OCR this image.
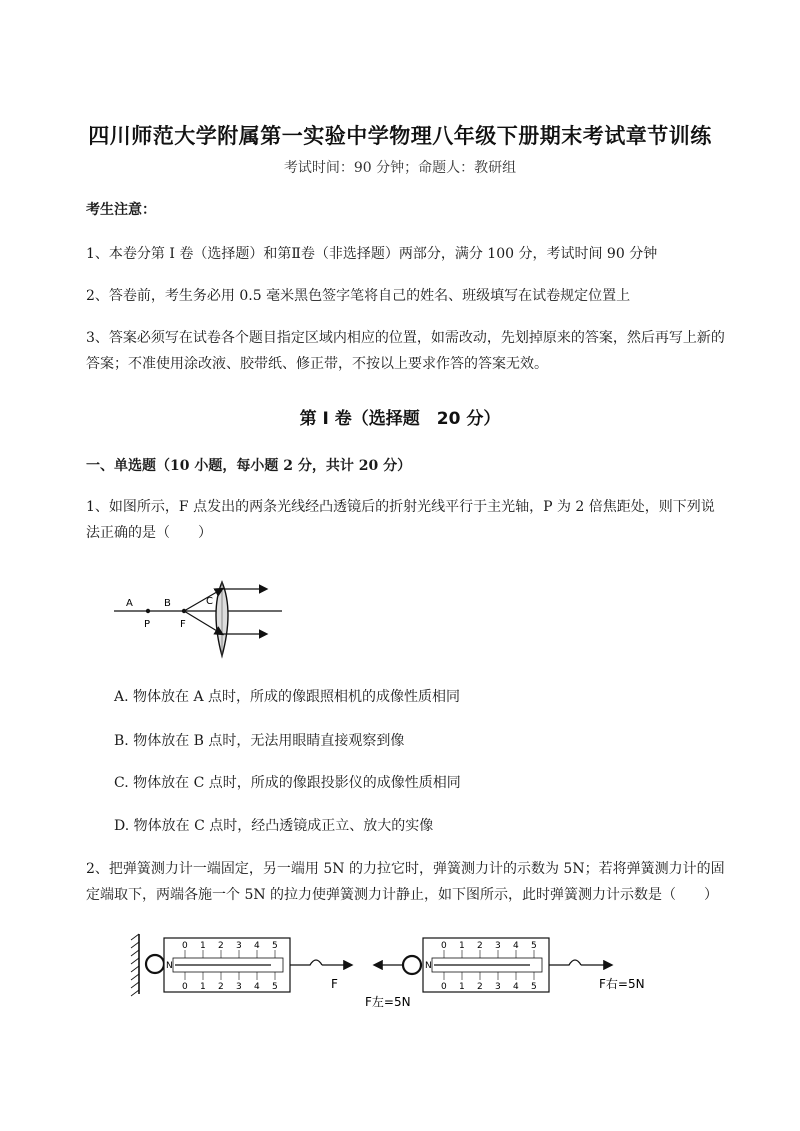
四川师范大学附属第一实验中学物理八年级下册期末考试章节训练
考试时间：90 分钟；命题人：教研组
考生注意：
1、本卷分第 I 卷（选择题）和第Ⅱ卷（非选择题）两部分，满分 100 分，考试时间 90 分钟
2、答卷前，考生务必用 0.5 毫米黑色签字笔将自己的姓名、班级填写在试卷规定位置上
3、答案必须写在试卷各个题目指定区域内相应的位置，如需改动，先划掉原来的答案，然后再写上新的答案；不准使用涂改液、胶带纸、修正带，不按以上要求作答的答案无效。
第 I 卷（选择题　20 分）
一、单选题（10 小题，每小题 2 分，共计 20 分）
1、如图所示，F 点发出的两条光线经凸透镜后的折射光线平行于主光轴，P 为 2 倍焦距处，则下列说法正确的是（　　）
A	B	C
P	F
A. 物体放在 A 点时，所成的像跟照相机的成像性质相同
B. 物体放在 B 点时，无法用眼睛直接观察到像
C. 物体放在 C 点时，所成的像跟投影仪的成像性质相同
D. 物体放在 C 点时，经凸透镜成正立、放大的实像
2、把弹簧测力计一端固定，另一端用 5N 的力拉它时，弹簧测力计的示数为 5N；若将弹簧测力计的固定端取下，两端各施一个 5N 的拉力使弹簧测力计静止，如下图所示，此时弹簧测力计示数是（　　）
0 1 2 3 4 5
0 1 2 3 4 5
N
F
0 1 2 3 4 5
0 1 2 3 4 5
N
F左=5N
F右=5N
